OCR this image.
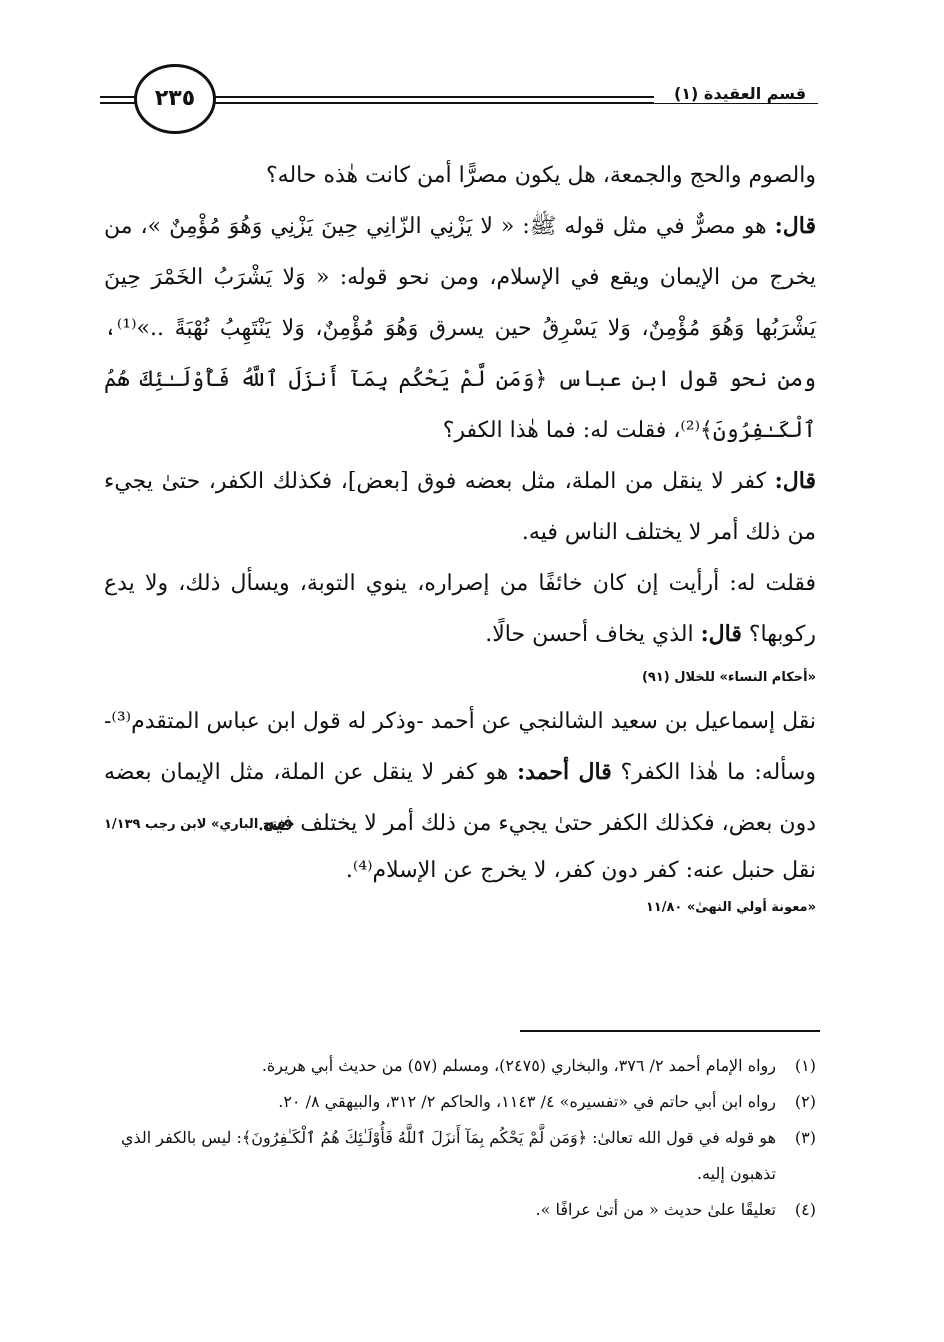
قسم العقيدة (١)
٢٣٥

والصوم والحج والجمعة، هل يكون مصرًّا أمن كانت هٰذه حاله؟

قال: هو مصرٌّ في مثل قوله ﷺ: « لا يَزْنِي الزّانِي حِينَ يَزْنِي وَهُوَ مُؤْمِنٌ »، من يخرج من الإيمان ويقع في الإسلام، ومن نحو قوله: « وَلا يَشْرَبُ الخَمْرَ حِينَ يَشْرَبُها وَهُوَ مُؤْمِنٌ، وَلا يَسْرِقُ حين يسرق وَهُوَ مُؤْمِنٌ، وَلا يَنْتَهِبُ نُهْبَةً ..»⁽¹⁾، ومن نحو قول ابن عباس ﴿وَمَن لَّمْ يَحْكُم بِمَآ أَنزَلَ ٱللَّهُ فَأُوْلَـٰئِكَ هُمُ ٱلْكَـٰفِرُونَ﴾⁽²⁾، فقلت له: فما هٰذا الكفر؟

قال: كفر لا ينقل من الملة، مثل بعضه فوق [بعض]، فكذلك الكفر، حتىٰ يجيء من ذلك أمر لا يختلف الناس فيه.

فقلت له: أرأيت إن كان خائفًا من إصراره، ينوي التوبة، ويسأل ذلك، ولا يدع ركوبها؟ قال: الذي يخاف أحسن حالًا.

«أحكام النساء» للخلال (٩١)

نقل إسماعيل بن سعيد الشالنجي عن أحمد -وذكر له قول ابن عباس المتقدم⁽³⁾- وسأله: ما هٰذا الكفر؟ قال أحمد: هو كفر لا ينقل عن الملة، مثل الإيمان بعضه دون بعض، فكذلك الكفر حتىٰ يجيء من ذلك أمر لا يختلف فيه.

«فتح الباري» لابن رجب ١/١٣٩

نقل حنبل عنه: كفر دون كفر، لا يخرج عن الإسلام⁽⁴⁾.

«معونة أولي النهىٰ» ١١/٨٠
(١)
رواه الإمام أحمد ٢/ ٣٧٦، والبخاري (٢٤٧٥)، ومسلم (٥٧) من حديث أبي هريرة.
(٢)
رواه ابن أبي حاتم في «تفسيره» ٤/ ١١٤٣، والحاكم ٢/ ٣١٢، والبيهقي ٨/ ٢٠.
(٣)
هو قوله في قول الله تعالىٰ: ﴿وَمَن لَّمْ يَحْكُم بِمَآ أَنزَلَ ٱللَّهُ فَأُوْلَـٰئِكَ هُمُ ٱلْكَـٰفِرُونَ﴾: ليس بالكفر الذي تذهبون إليه.
(٤)
تعليقًا علىٰ حديث « من أتىٰ عرافًا ».
